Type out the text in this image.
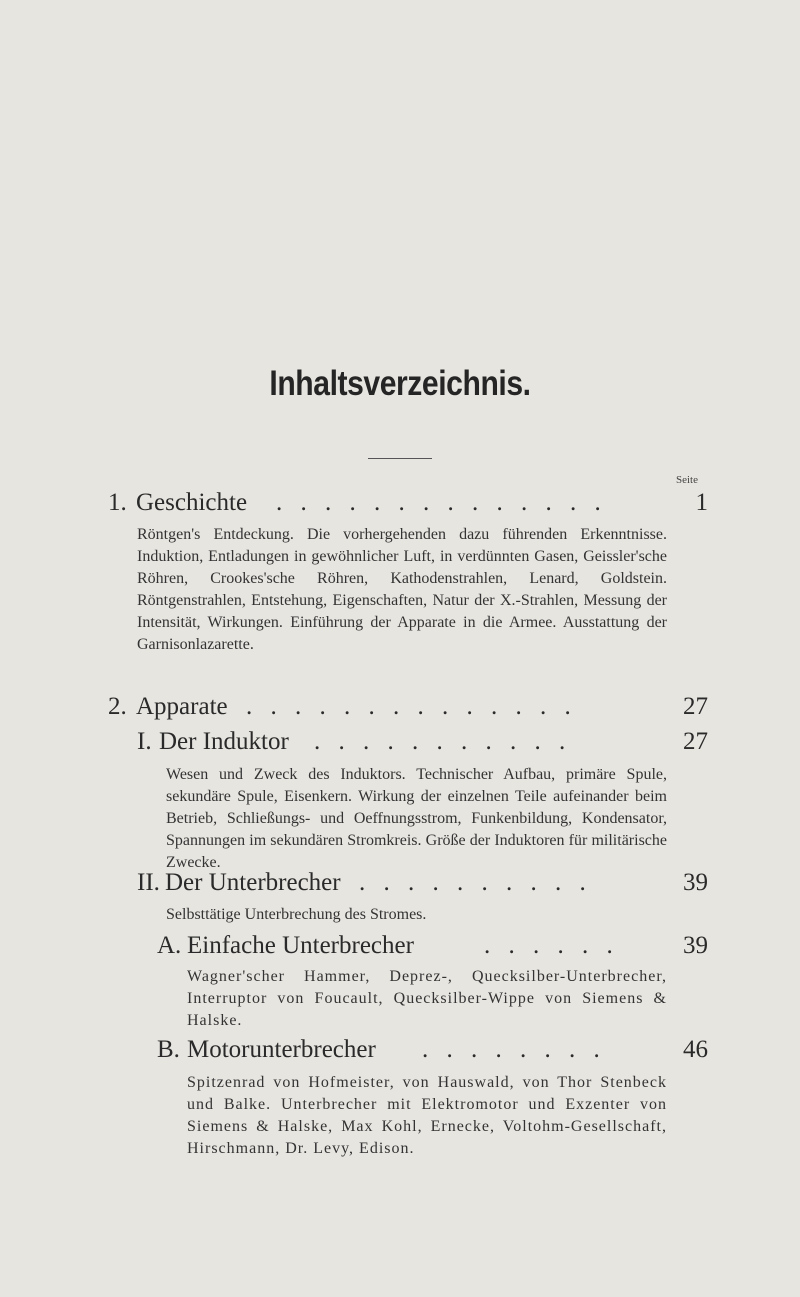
Inhaltsverzeichnis.
Seite
1. Geschichte . . . . . . . . . . . . . .	1
Röntgen's Entdeckung. Die vorhergehenden dazu führenden Erkenntnisse. Induktion, Entladungen in gewöhnlicher Luft, in verdünnten Gasen, Geissler'sche Röhren, Crookes'sche Röhren, Kathodenstrahlen, Lenard, Goldstein. Röntgenstrahlen, Entstehung, Eigenschaften, Natur der X.-Strahlen, Messung der Intensität, Wirkungen. Einführung der Apparate in die Armee. Ausstattung der Garnisonlazarette.
2. Apparate . . . . . . . . . . . . . .	27
I. Der Induktor . . . . . . . . . . .	27
Wesen und Zweck des Induktors. Technischer Aufbau, primäre Spule, sekundäre Spule, Eisenkern. Wirkung der einzelnen Teile aufeinander beim Betrieb, Schließungs- und Oeffnungsstrom, Funkenbildung, Kondensator, Spannungen im sekundären Stromkreis. Größe der Induktoren für militärische Zwecke.
II. Der Unterbrecher . . . . . . . . . .	39
Selbsttätige Unterbrechung des Stromes.
A. Einfache Unterbrecher	. . . . . .	39
Wagner'scher Hammer, Deprez-, Quecksilber-Unterbrecher, Interruptor von Foucault, Quecksilber-Wippe von Siemens & Halske.
B. Motorunterbrecher . . . . . . . .	46
Spitzenrad von Hofmeister, von Hauswald, von Thor Stenbeck und Balke. Unterbrecher mit Elektromotor und Exzenter von Siemens & Halske, Max Kohl, Ernecke, Voltohm-Gesellschaft, Hirschmann, Dr. Levy, Edison.
